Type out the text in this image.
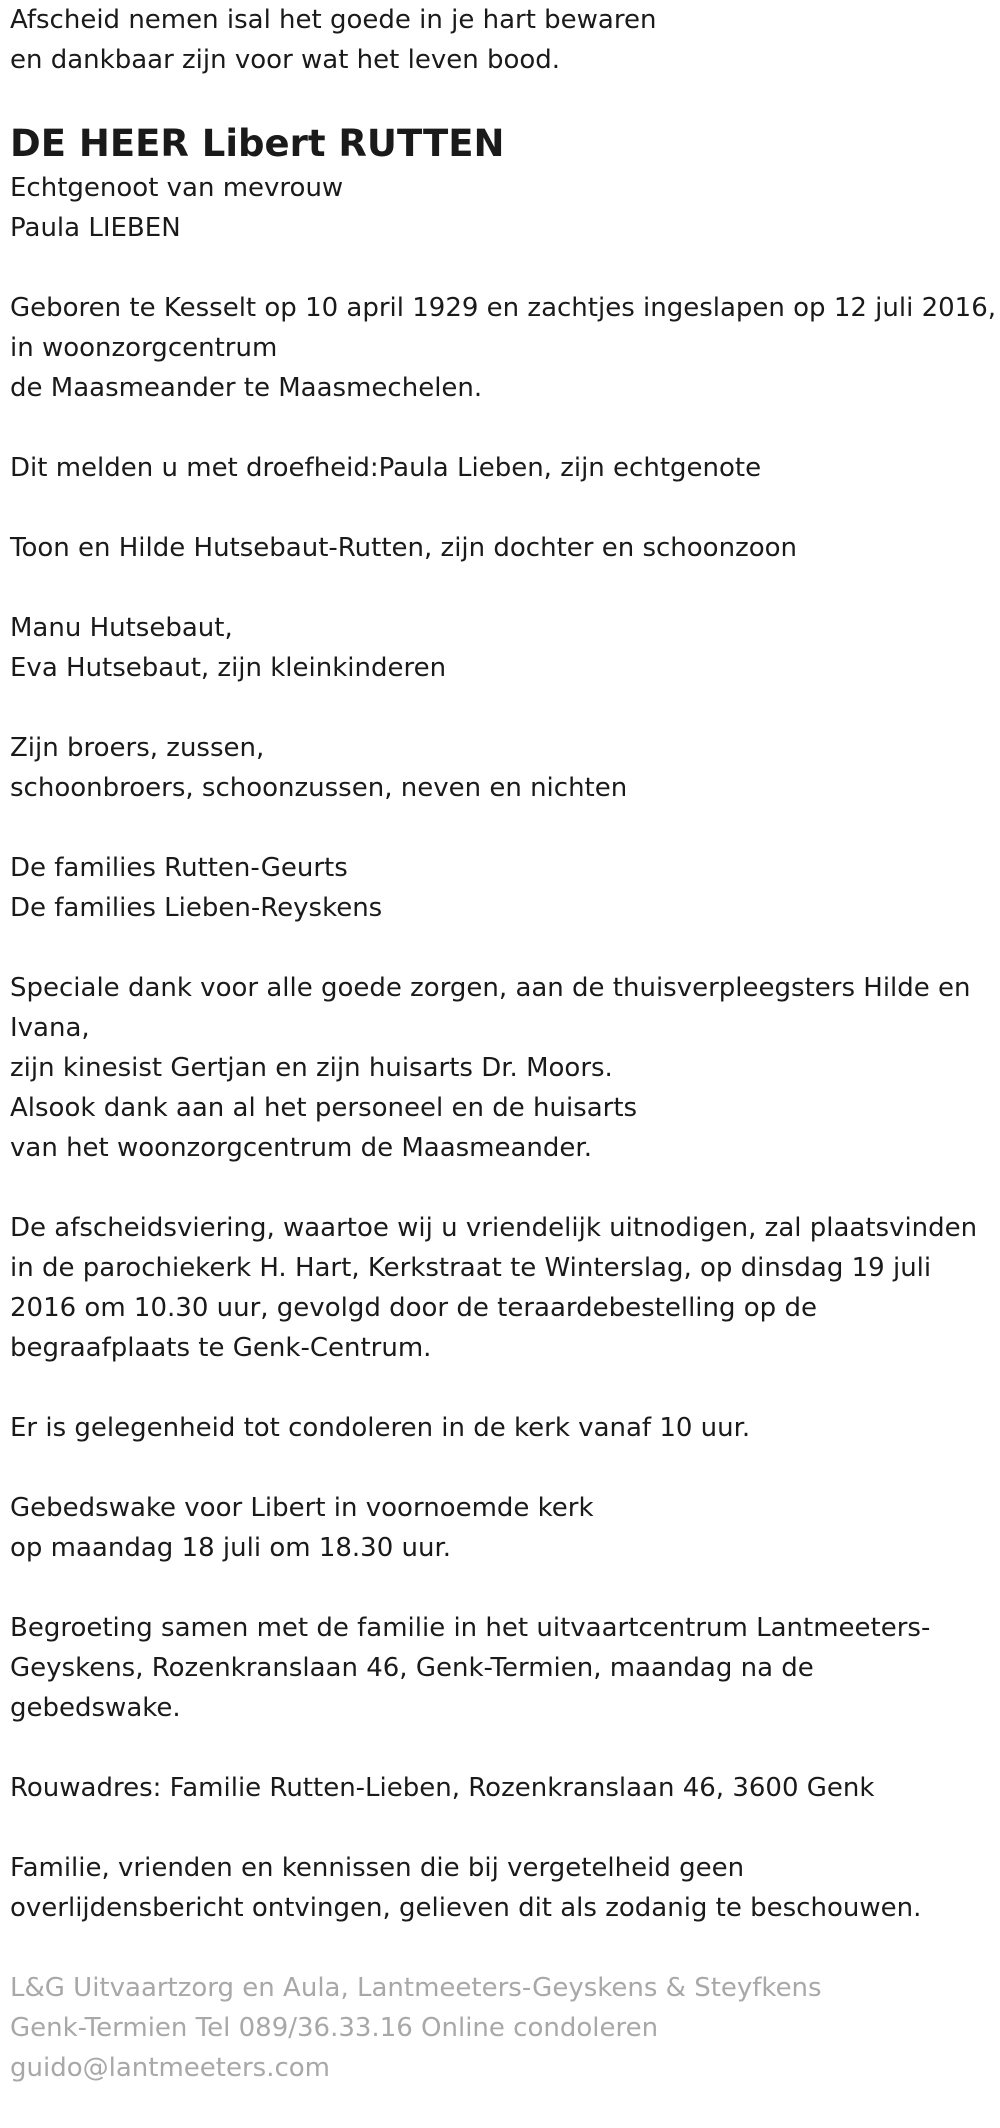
Afscheid nemen isal het goede in je hart bewaren

en dankbaar zijn voor wat het leven bood.

DE HEER Libert RUTTEN

Echtgenoot van mevrouw

Paula LIEBEN

Geboren te Kesselt op 10 april 1929 en zachtjes ingeslapen op 12 juli 2016,

in woonzorgcentrum

de Maasmeander te Maasmechelen.

Dit melden u met droefheid:Paula Lieben, zijn echtgenote

Toon en Hilde Hutsebaut-Rutten, zijn dochter en schoonzoon

Manu Hutsebaut,

Eva Hutsebaut, zijn kleinkinderen

Zijn broers, zussen,

schoonbroers, schoonzussen, neven en nichten

De families Rutten-Geurts

De families Lieben-Reyskens

Speciale dank voor alle goede zorgen, aan de thuisverpleegsters Hilde en

Ivana,

zijn kinesist Gertjan en zijn huisarts Dr. Moors.

Alsook dank aan al het personeel en de huisarts

van het woonzorgcentrum de Maasmeander.

De afscheidsviering, waartoe wij u vriendelijk uitnodigen, zal plaatsvinden

in de parochiekerk H. Hart, Kerkstraat te Winterslag, op dinsdag 19 juli

2016 om 10.30 uur, gevolgd door de teraardebestelling op de

begraafplaats te Genk-Centrum.

Er is gelegenheid tot condoleren in de kerk vanaf 10 uur.

Gebedswake voor Libert in voornoemde kerk

op maandag 18 juli om 18.30 uur.

Begroeting samen met de familie in het uitvaartcentrum Lantmeeters-

Geyskens, Rozenkranslaan 46, Genk-Termien, maandag na de

gebedswake.

Rouwadres: Familie Rutten-Lieben, Rozenkranslaan 46, 3600 Genk

Familie, vrienden en kennissen die bij vergetelheid geen

overlijdensbericht ontvingen, gelieven dit als zodanig te beschouwen.

L&G Uitvaartzorg en Aula, Lantmeeters-Geyskens & Steyfkens

Genk-Termien Tel 089/36.33.16 Online condoleren

guido@lantmeeters.com
